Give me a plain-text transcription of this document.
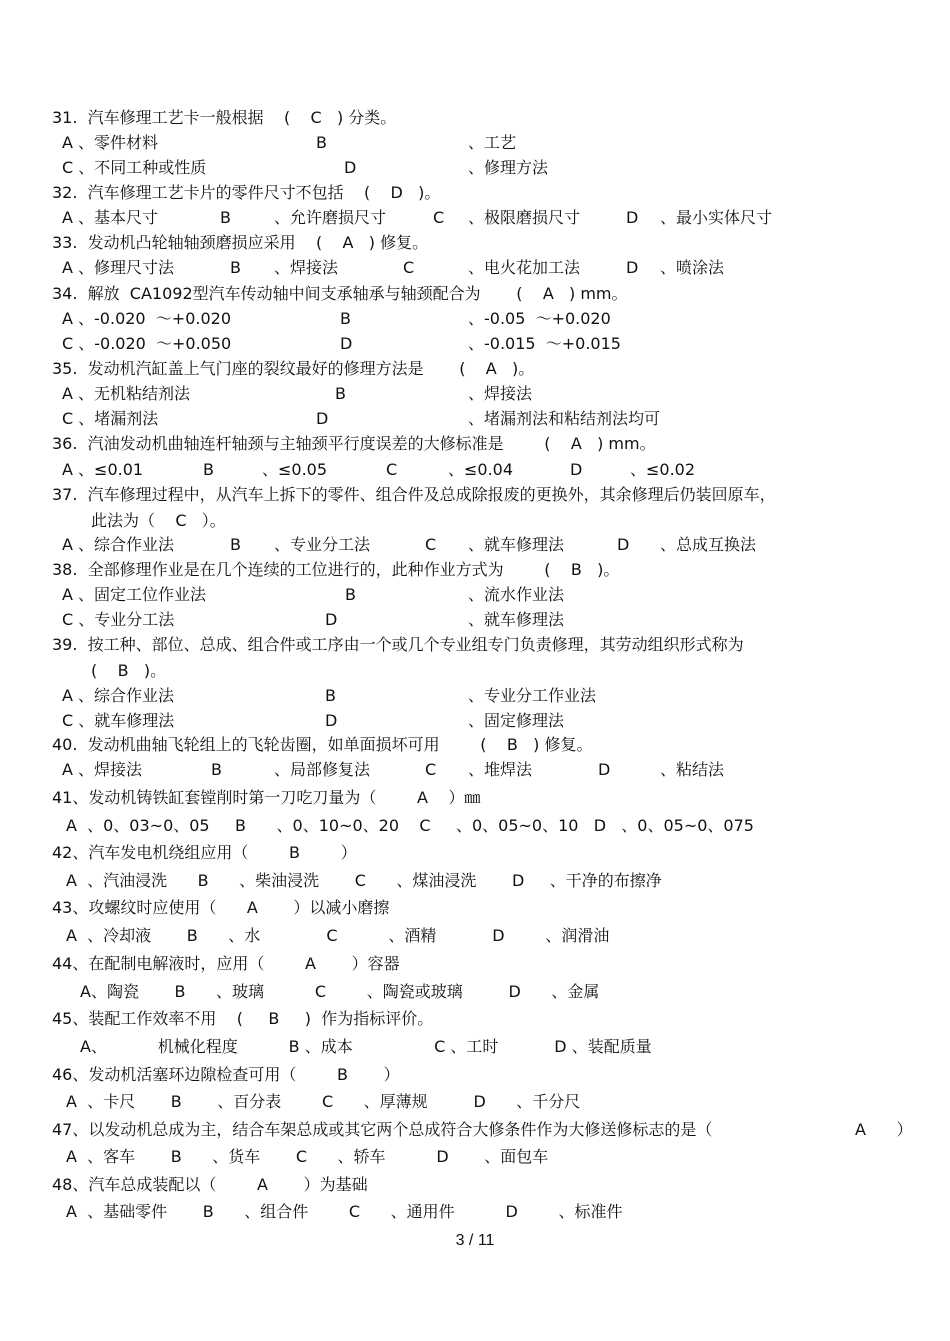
31.  汽车修理工艺卡一般根据    (    C   ) 分类。
A 、零件材料	B	、工艺
C 、不同工种或性质	D	、修理方法
32.  汽车修理工艺卡片的零件尺寸不包括    (    D   )。
A 、基本尺寸	B	、允许磨损尺寸	C 、极限磨损尺寸	D 、最小实体尺寸
33.  发动机凸轮轴轴颈磨损应采用    (    A   ) 修复。
A 、修理尺寸法	B 、焊接法	C	、电火花加工法	D 、喷涂法
34.  解放  CA1092型汽车传动轴中间支承轴承与轴颈配合为       (    A   ) mm。
A 、-0.020  ～+0.020	B	、-0.05  ～+0.020
C 、-0.020  ～+0.050	D	、-0.015  ～+0.015
35.  发动机汽缸盖上气门座的裂纹最好的修理方法是       (    A   )。
A 、无机粘结剂法	B	、焊接法
C 、堵漏剂法	D	、堵漏剂法和粘结剂法均可
36.  汽油发动机曲轴连杆轴颈与主轴颈平行度误差的大修标准是        (    A   ) mm。
A 、≤0.01	B	、≤0.05	C	、≤0.04	D	、≤0.02
37.  汽车修理过程中，从汽车上拆下的零件、组合件及总成除报废的更换外，其余修理后仍装回原车，
此法为（    C   ）。
A 、综合作业法	B 、专业分工法	C 、就车修理法	D 、总成互换法
38.  全部修理作业是在几个连续的工位进行的，此种作业方式为        (    B   )。
A 、固定工位作业法	B	、流水作业法
C 、专业分工法	D	、就车修理法
39.  按工种、部位、总成、组合件或工序由一个或几个专业组专门负责修理，其劳动组织形式称为
(    B   )。
A 、综合作业法	B	、专业分工作业法
C 、就车修理法	D	、固定修理法
40.  发动机曲轴飞轮组上的飞轮齿圈，如单面损坏可用        (    B   ) 修复。
A 、焊接法	B	、局部修复法	C 、堆焊法	D	、粘结法
41、发动机铸铁缸套镗削时第一刀吃刀量为（        A    ）㎜
A  、0、03~0、05     B      、0、10~0、20    C     、0、05~0、10   D   、0、05~0、075
42、汽车发电机绕组应用（        B        ）
A  、汽油浸洗      B      、柴油浸洗       C      、煤油浸洗       D     、干净的布擦净
43、攻螺纹时应使用（      A       ）以减小磨擦
A  、冷却液       B      、水             C          、酒精           D        、润滑油
44、在配制电解液时，应用（        A       ）容器
A、陶瓷       B      、玻璃          C        、陶瓷或玻璃         D      、金属
45、装配工作效率不用    (     B     )  作为指标评价。
A、          机械化程度          B 、成本                C 、工时           D 、装配质量
46、发动机活塞环边隙检查可用（        B       ）
A  、卡尺       B       、百分表        C      、厚薄规         D      、千分尺
47、以发动机总成为主，结合车架总成或其它两个总成符合大修条件作为大修送修标志的是（	A      ）
A  、客车       B      、货车       C      、轿车          D       、面包车
48、汽车总成装配以（        A       ）为基础
A  、基础零件       B      、组合件        C      、通用件          D        、标准件
3 / 11
